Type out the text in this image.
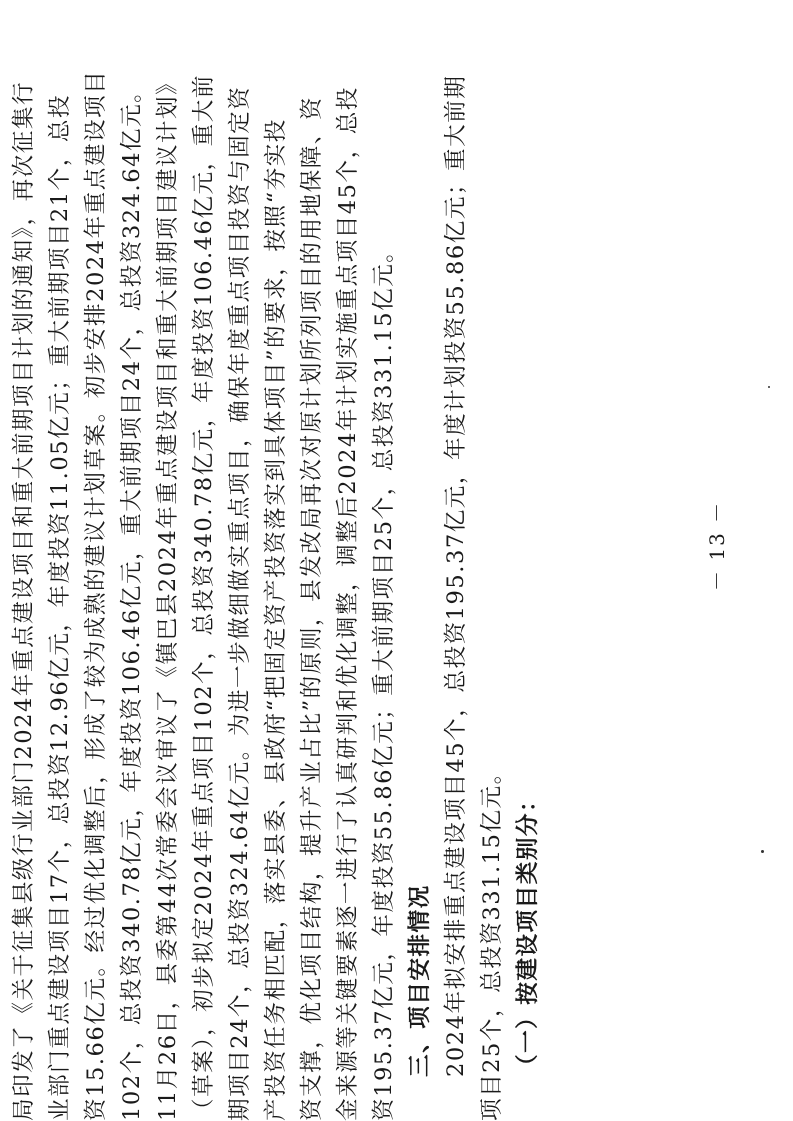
局印发了《关于征集县级行业部门2024年重点建设项目和重大前期项目计划的通知》，再次征集行 业部门重点建设项目17个，总投资12.96亿元，年度投资11.05亿元；重大前期项目21个，总投 资15.66亿元。经过优化调整后，形成了较为成熟的建议计划草案。初步安排2024年重点建设项目 102个，总投资340.78亿元，年度投资106.46亿元，重大前期项目24个，总投资324.64亿元。 11月26日，县委第44次常委会议审议了《镇巴县2024年重点建设项目和重大前期项目建议计划》 （草案），初步拟定2024年重点项目102个，总投资340.78亿元，年度投资106.46亿元，重大前 期项目24个，总投资324.64亿元。为进一步做细做实重点项目，确保年度重点项目投资与固定资 产投资任务相匹配，落实县委、县政府“把固定资产投资落实到具体项目”的要求，按照“夯实投 资支撑，优化项目结构，提升产业占比”的原则，县发改局再次对原计划所列项目的用地保障、资 金来源等关键要素逐一进行了认真研判和优化调整，调整后2024年计划实施重点项目45个，总投 资195.37亿元，年度投资55.86亿元；重大前期项目25个，总投资331.15亿元。 三、项目安排情况 2024年拟安排重点建设项目45个，总投资195.37亿元，年度计划投资55.86亿元；重大前期 项目25个，总投资331.15亿元。 （一）按建设项目类别分：
－ 13 －
